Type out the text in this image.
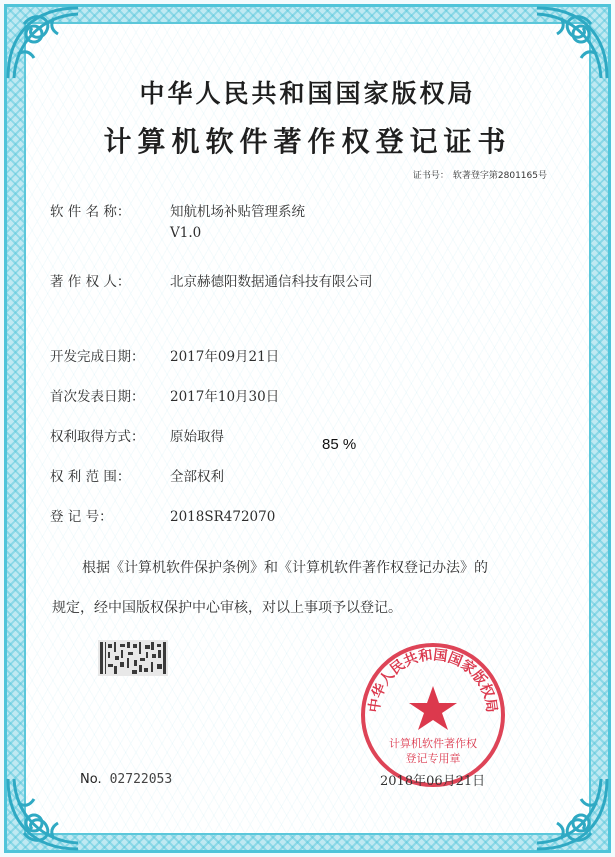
中华人民共和国国家版权局
计算机软件著作权登记证书
证书号： 软著登字第2801165号
软 件 名 称：	知航机场补贴管理系统
V1.0
著 作 权 人：	北京赫德阳数据通信科技有限公司
开发完成日期： 2017年09月21日
首次发表日期： 2017年10月30日
权利取得方式： 原始取得
权 利 范 围：	全部权利
登 记 号：	2018SR472070
85 %
根据《计算机软件保护条例》和《计算机软件著作权登记办法》的
规定，经中国版权保护中心审核，对以上事项予以登记。
中华人民共和国国家版权局
计算机软件著作权
登记专用章
No. 02722053	2018年06月21日
